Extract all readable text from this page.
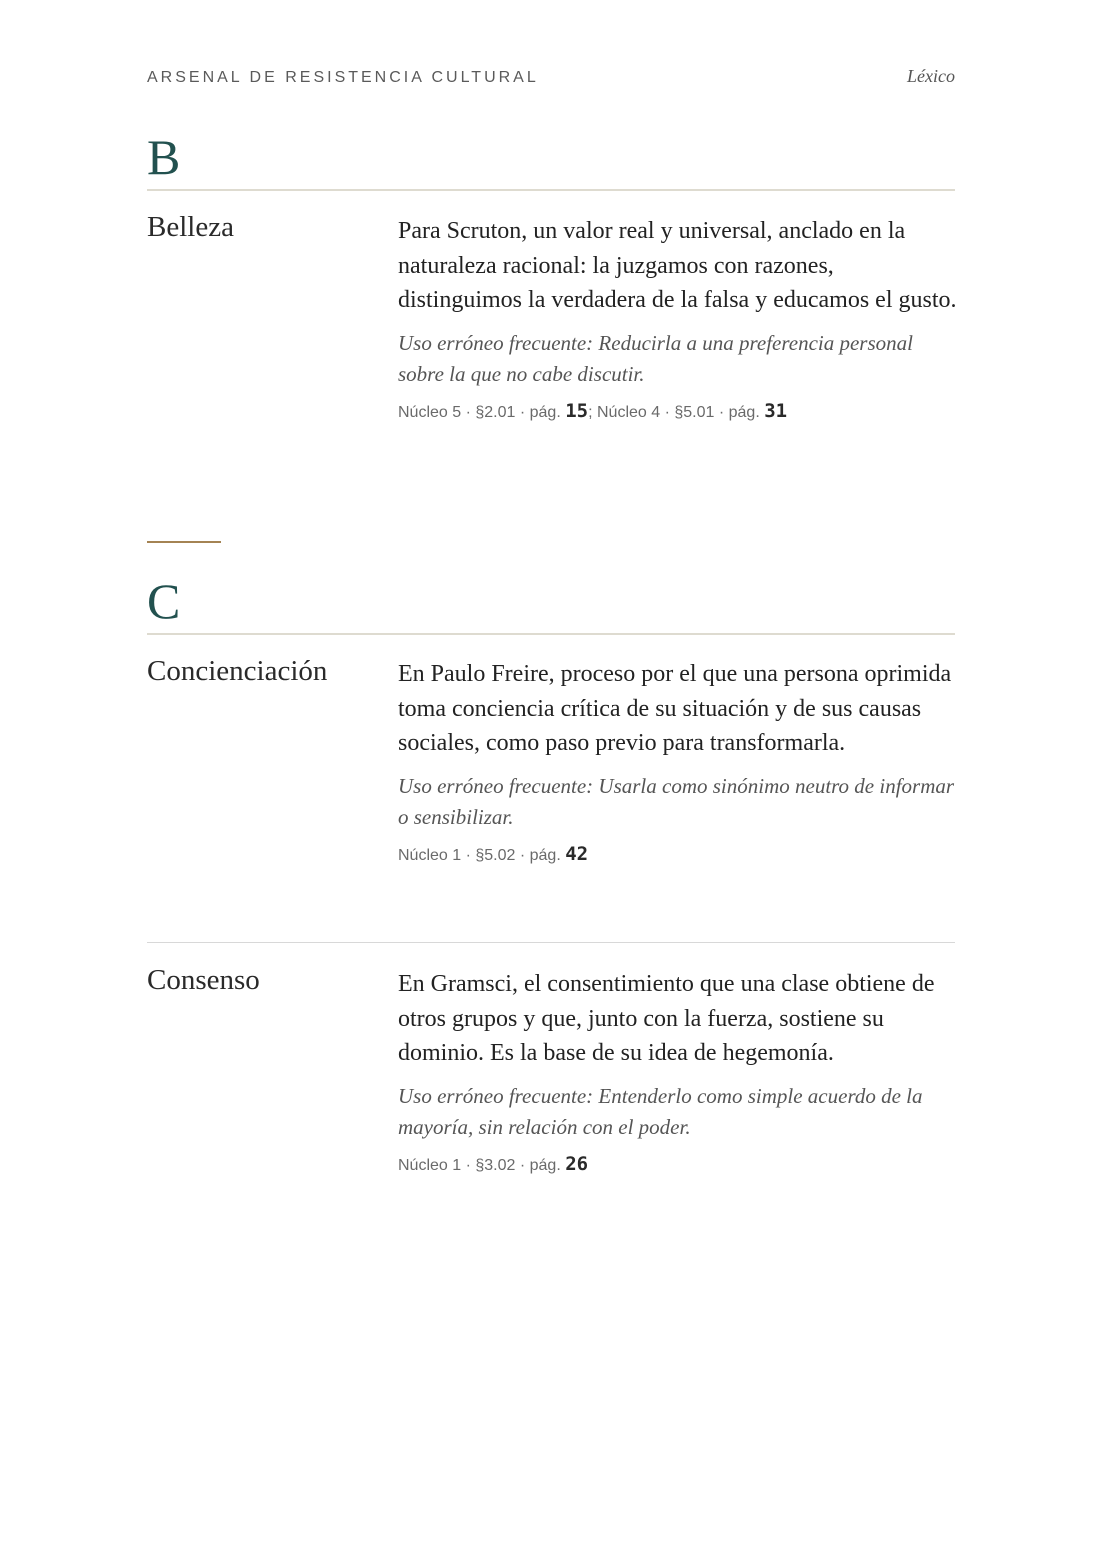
ARSENAL DE RESISTENCIA CULTURAL	Léxico
B
Belleza	Para Scruton, un valor real y universal, anclado en la naturaleza racional: la juzgamos con razones, distinguimos la verdadera de la falsa y educamos el gusto.

Uso erróneo frecuente: Reducirla a una preferencia personal sobre la que no cabe discutir.

Núcleo 5 · §2.01 · pág. 15; Núcleo 4 · §5.01 · pág. 31
C
Concienciación	En Paulo Freire, proceso por el que una persona oprimida toma conciencia crítica de su situación y de sus causas sociales, como paso previo para transformarla.

Uso erróneo frecuente: Usarla como sinónimo neutro de informar o sensibilizar.

Núcleo 1 · §5.02 · pág. 42
Consenso	En Gramsci, el consentimiento que una clase obtiene de otros grupos y que, junto con la fuerza, sostiene su dominio. Es la base de su idea de hegemonía.

Uso erróneo frecuente: Entenderlo como simple acuerdo de la mayoría, sin relación con el poder.

Núcleo 1 · §3.02 · pág. 26
